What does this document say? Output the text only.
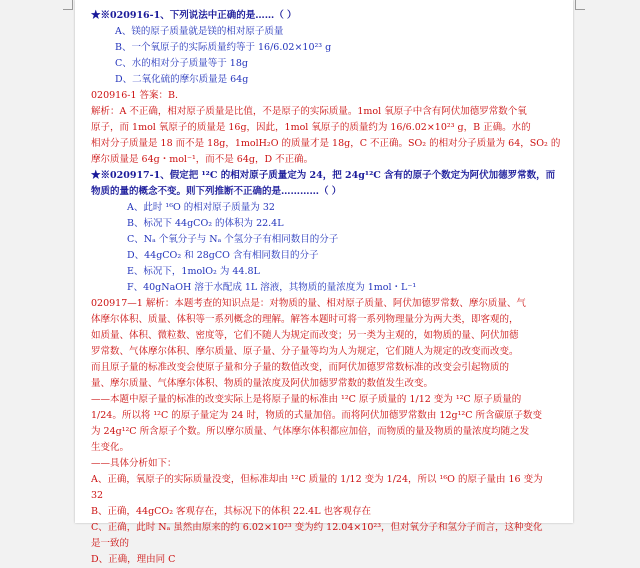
★※020916-1、下列说法中正确的是……（ ）
A、镁的原子质量就是镁的相对原子质量
B、一个氧原子的实际质量约等于 16/6.02×10²³ g
C、水的相对分子质量等于 18g
D、二氧化硫的摩尔质量是 64g
020916-1 答案：B.
解析：A 不正确，相对原子质量是比值，不是原子的实际质量。1mol 氧原子中含有阿伏加德罗常数个氧
原子，而 1mol 氧原子的质量是 16g，因此，1mol 氧原子的质量约为 16/6.02×10²³ g，B 正确。水的
相对分子质量是 18 而不是 18g，1molH₂O 的质量才是 18g，C 不正确。SO₂ 的相对分子质量为 64，SO₂ 的
摩尔质量是 64g・mol⁻¹，而不是 64g，D 不正确。
★※020917-1、假定把 ¹²C 的相对原子质量定为 24，把 24g¹²C 含有的原子个数定为阿伏加德罗常数，而
物质的量的概念不变。则下列推断不正确的是…………（ ）
A、此时 ¹⁶O 的相对原子质量为 32
B、标况下 44gCO₂ 的体积为 22.4L
C、Nₐ 个氧分子与 Nₐ 个氢分子有相同数目的分子
D、44gCO₂ 和 28gCO 含有相同数目的分子
E、标况下，1molO₂ 为 44.8L
F、40gNaOH 溶于水配成 1L 溶液，其物质的量浓度为 1mol・L⁻¹
020917—1 解析：本题考查的知识点是：对物质的量、相对原子质量、阿伏加德罗常数、摩尔质量、气
体摩尔体积、质量、体积等一系列概念的理解。解答本题时可将一系列物理量分为两大类，即客观的，
如质量、体积、微粒数、密度等，它们不随人为规定而改变；另一类为主观的，如物质的量、阿伏加德
罗常数、气体摩尔体积、摩尔质量、原子量、分子量等均为人为规定，它们随人为规定的改变而改变。
而且原子量的标准改变会使原子量和分子量的数值改变，而阿伏加德罗常数标准的改变会引起物质的
量、摩尔质量、气体摩尔体积、物质的量浓度及阿伏加德罗常数的数值发生改变。
——本题中原子量的标准的改变实际上是将原子量的标准由 ¹²C 原子质量的 1/12 变为 ¹²C 原子质量的
1/24。所以将 ¹²C 的原子量定为 24 时，物质的式量加倍。而将阿伏加德罗常数由 12g¹²C 所含碳原子数变
为 24g¹²C 所含原子个数。所以摩尔质量、气体摩尔体积都应加倍，而物质的量及物质的量浓度均随之发
生变化。
——具体分析如下：
A、正确，氧原子的实际质量没变，但标准却由 ¹²C 质量的 1/12 变为 1/24，所以 ¹⁶O 的原子量由 16 变为
32
B、正确，44gCO₂ 客观存在，其标况下的体积 22.4L 也客观存在
C、正确，此时 Nₐ 虽然由原来的约 6.02×10²³ 变为约 12.04×10²³，但对氧分子和氢分子而言，这种变化
是一致的
D、正确，理由同 C
